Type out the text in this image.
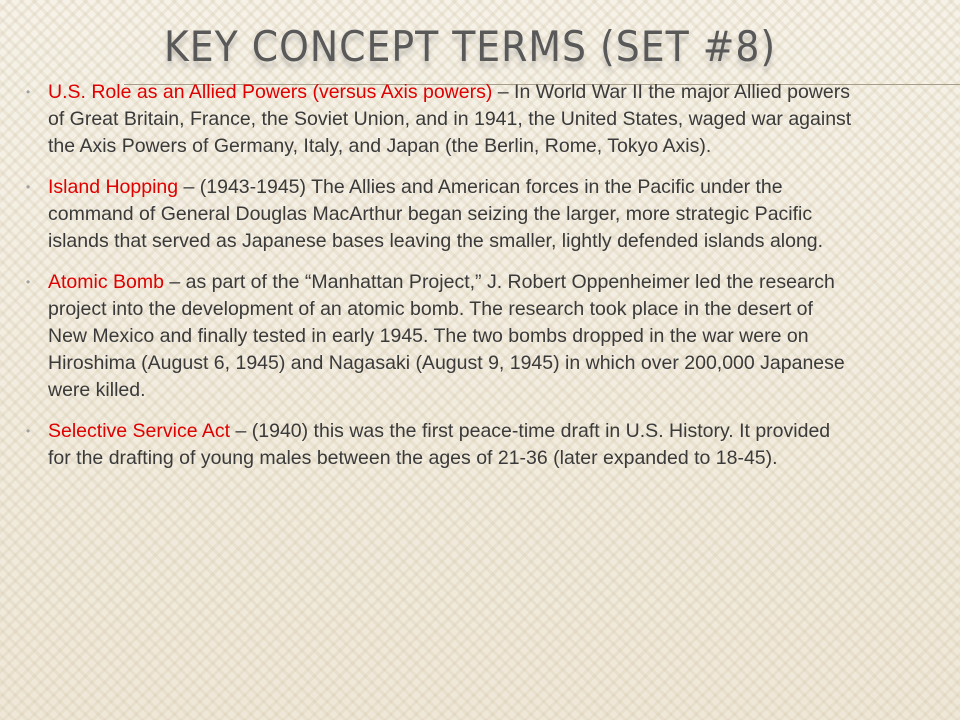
KEY CONCEPT TERMS (SET #8)
• U.S. Role as an Allied Powers (versus Axis powers) – In World War II the major Allied powers of Great Britain, France, the Soviet Union, and in 1941, the United States, waged war against the Axis Powers of Germany, Italy, and Japan (the Berlin, Rome, Tokyo Axis).
• Island Hopping – (1943-1945) The Allies and American forces in the Pacific under the command of General Douglas MacArthur began seizing the larger, more strategic Pacific islands that served as Japanese bases leaving the smaller, lightly defended islands along.
• Atomic Bomb – as part of the “Manhattan Project,” J. Robert Oppenheimer led the research project into the development of an atomic bomb. The research took place in the desert of New Mexico and finally tested in early 1945. The two bombs dropped in the war were on Hiroshima (August 6, 1945) and Nagasaki (August 9, 1945) in which over 200,000 Japanese were killed.
• Selective Service Act – (1940) this was the first peace-time draft in U.S. History. It provided for the drafting of young males between the ages of 21-36 (later expanded to 18-45).
